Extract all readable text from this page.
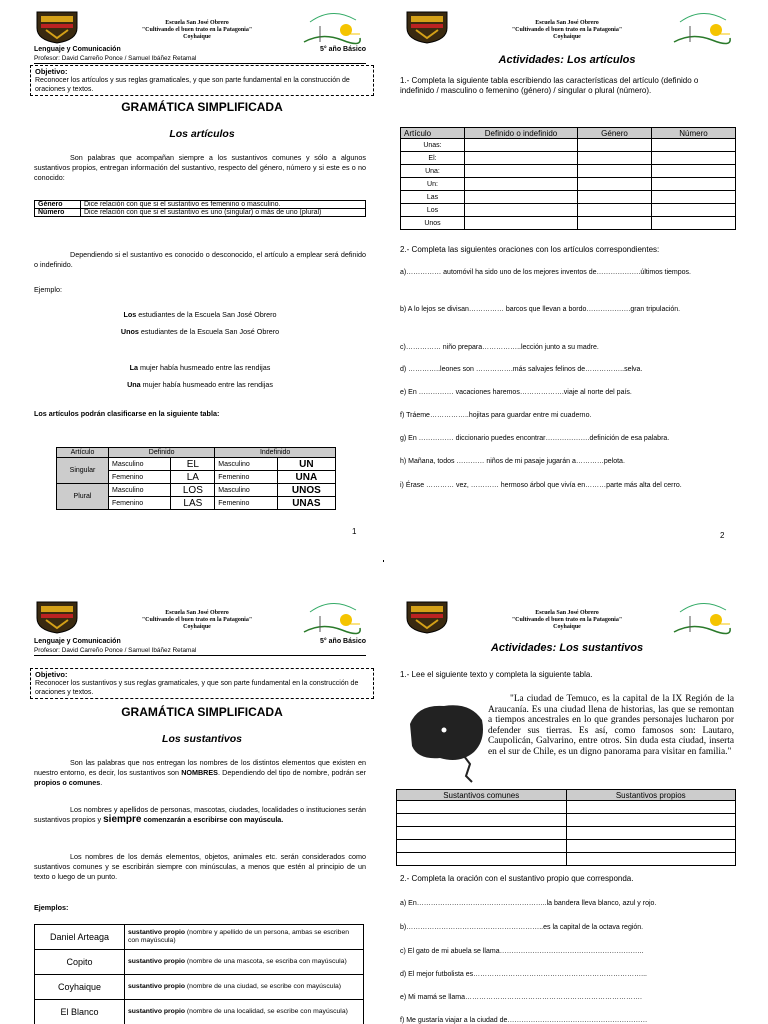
Escuela San José Obrero
"Cultivando el buen trato en la Patagonia"
Coyhaique
Lenguaje y Comunicación	5° año Básico
Profesor: David Carreño Ponce / Samuel Ibáñez Retamal
Objetivo:
Reconocer los artículos y sus reglas gramaticales, y que son parte fundamental en la construcción de oraciones y textos.
GRAMÁTICA SIMPLIFICADA
Los artículos
Son palabras que acompañan siempre a los sustantivos comunes y sólo a algunos sustantivos propios, entregan información del sustantivo, respecto del género, número y si este es o no conocido:
Género	Dice relación con que si el sustantivo es femenino o masculino.
Número	Dice relación con que si el sustantivo es uno (singular) o más de uno (plural)
Dependiendo si el sustantivo es conocido o desconocido, el artículo a emplear será definido o indefinido.
Ejemplo:
Los estudiantes de la Escuela San José Obrero
Unos estudiantes de la Escuela San José Obrero
La mujer había husmeado entre las rendijas
Una mujer había husmeado entre las rendijas
Los artículos podrán clasificarse en la siguiente tabla:
Artículo	Definido		Indefinido	
Singular	Masculino	EL	Masculino	UN
	Femenino	LA	Femenino	UNA
Plural	Masculino	LOS	Masculino	UNOS
	Femenino	LAS	Femenino	UNAS
1
Escuela San José Obrero
"Cultivando el buen trato en la Patagonia"
Coyhaique
Actividades: Los artículos
1.- Completa la siguiente tabla escribiendo las características del artículo (definido o indefinido / masculino o femenino (género) / singular o plural (número).
Artículo	Definido o indefinido	Género	Número
Unas:			
El:			
Una:			
Un:			
Las			
Los			
Unos			
2.- Completa las siguientes oraciones con los artículos correspondientes:
a)…………… automóvil ha sido uno de los mejores inventos de……………….últimos tiempos.
b) A lo lejos se divisan…………… barcos que llevan a bordo……………….gran tripulación.
c)…………… niño prepara……………..lección junto a su madre.
d) …………..leones son …………….más salvajes felinos de……………..selva.
e) En …………… vacaciones haremos……………….viaje al norte del país.
f) Tráeme……………..hojitas para guardar entre mi cuaderno.
g) En …………… diccionario puedes encontrar……………….definición de esa palabra.
h) Mañana, todos ………… niños de mi pasaje jugarán a…………pelota.
i) Érase ………… vez, ………… hermoso árbol que vivía en………parte más alta del cerro.
2
Escuela San José Obrero
"Cultivando el buen trato en la Patagonia"
Coyhaique
Lenguaje y Comunicación	5° año Básico
Profesor: David Carreño Ponce / Samuel Ibáñez Retamal
Objetivo:
Reconocer los sustantivos y sus reglas gramaticales, y que son parte fundamental en la construcción de oraciones y textos.
GRAMÁTICA SIMPLIFICADA
Los sustantivos
Son las palabras que nos entregan los nombres de los distintos elementos que existen en nuestro entorno, es decir, los sustantivos son NOMBRES. Dependiendo del tipo de nombre, podrán ser propios o comunes.
Los nombres y apellidos de personas, mascotas, ciudades, localidades o instituciones serán sustantivos propios y siempre comenzarán a escribirse con mayúscula.
Los nombres de los demás elementos, objetos, animales etc. serán considerados como sustantivos comunes y se escribirán siempre con minúsculas, a menos que estén al principio de un texto o luego de un punto.
Ejemplos:
Daniel Arteaga	sustantivo propio (nombre y apellido de un persona, ambas se escriben con mayúscula)
Copito	sustantivo propio (nombre de una mascota, se escriba con mayúscula)
Coyhaique	sustantivo propio (nombre de una ciudad, se escribe con mayúscula)
El Blanco	sustantivo propio (nombre de una localidad, se escribe con mayúscula)
Escuela San José Obrero
"Cultivando el buen trato en la Patagonia"
Coyhaique
Actividades: Los sustantivos
1.- Lee el siguiente texto y completa la siguiente tabla.
"La ciudad de Temuco, es la capital de la IX Región de la Araucanía. Es una ciudad llena de historias, las que se remontan a tiempos ancestrales en lo que grandes personajes lucharon por defender sus tierras. Es así, como famosos son: Lautaro, Caupolicán, Galvarino, entre otros. Sin duda esta ciudad, inserta en el sur de Chile, es un digno panorama para visitar en familia."
Sustantivos comunes	Sustantivos propios

2.- Completa la oración con el sustantivo propio que corresponda.
a) En………………………………………………..la bandera lleva blanco, azul y rojo.
b)…………………………………………………..es la capital de la octava región.
c) El gato de mi abuela se llama……………………………………………………..
d) El mejor futbolista es………………………………………………………………...
e) Mi mamá se llama………………………………………………………………….
f) Me gustaría viajar a la ciudad de……………………………………………………
